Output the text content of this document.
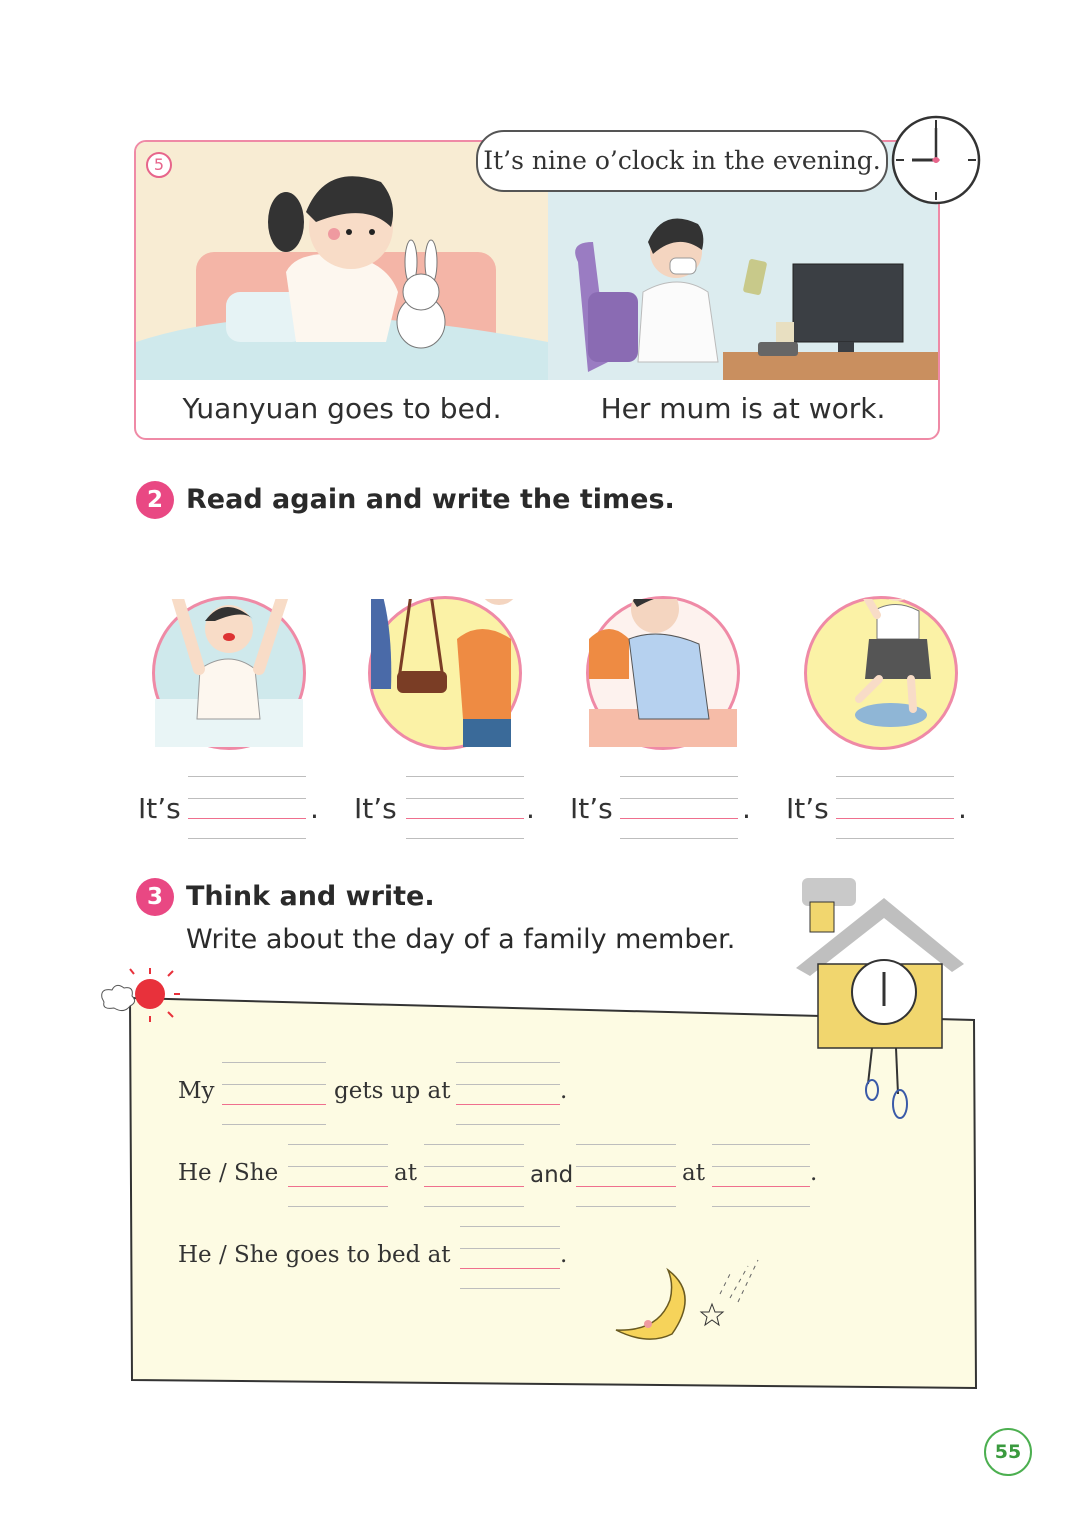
Yuanyuan goes to bed.	Her mum is at work.
5	It’s nine o’clock in the evening.
2 Read again and write the times.
It’s	. It’s	. It’s	. It’s	.
3 Think and write.
Write about the day of a family member.
My	gets up at	.
He / She	at	and	at	.
He / She goes to bed at	.
55
